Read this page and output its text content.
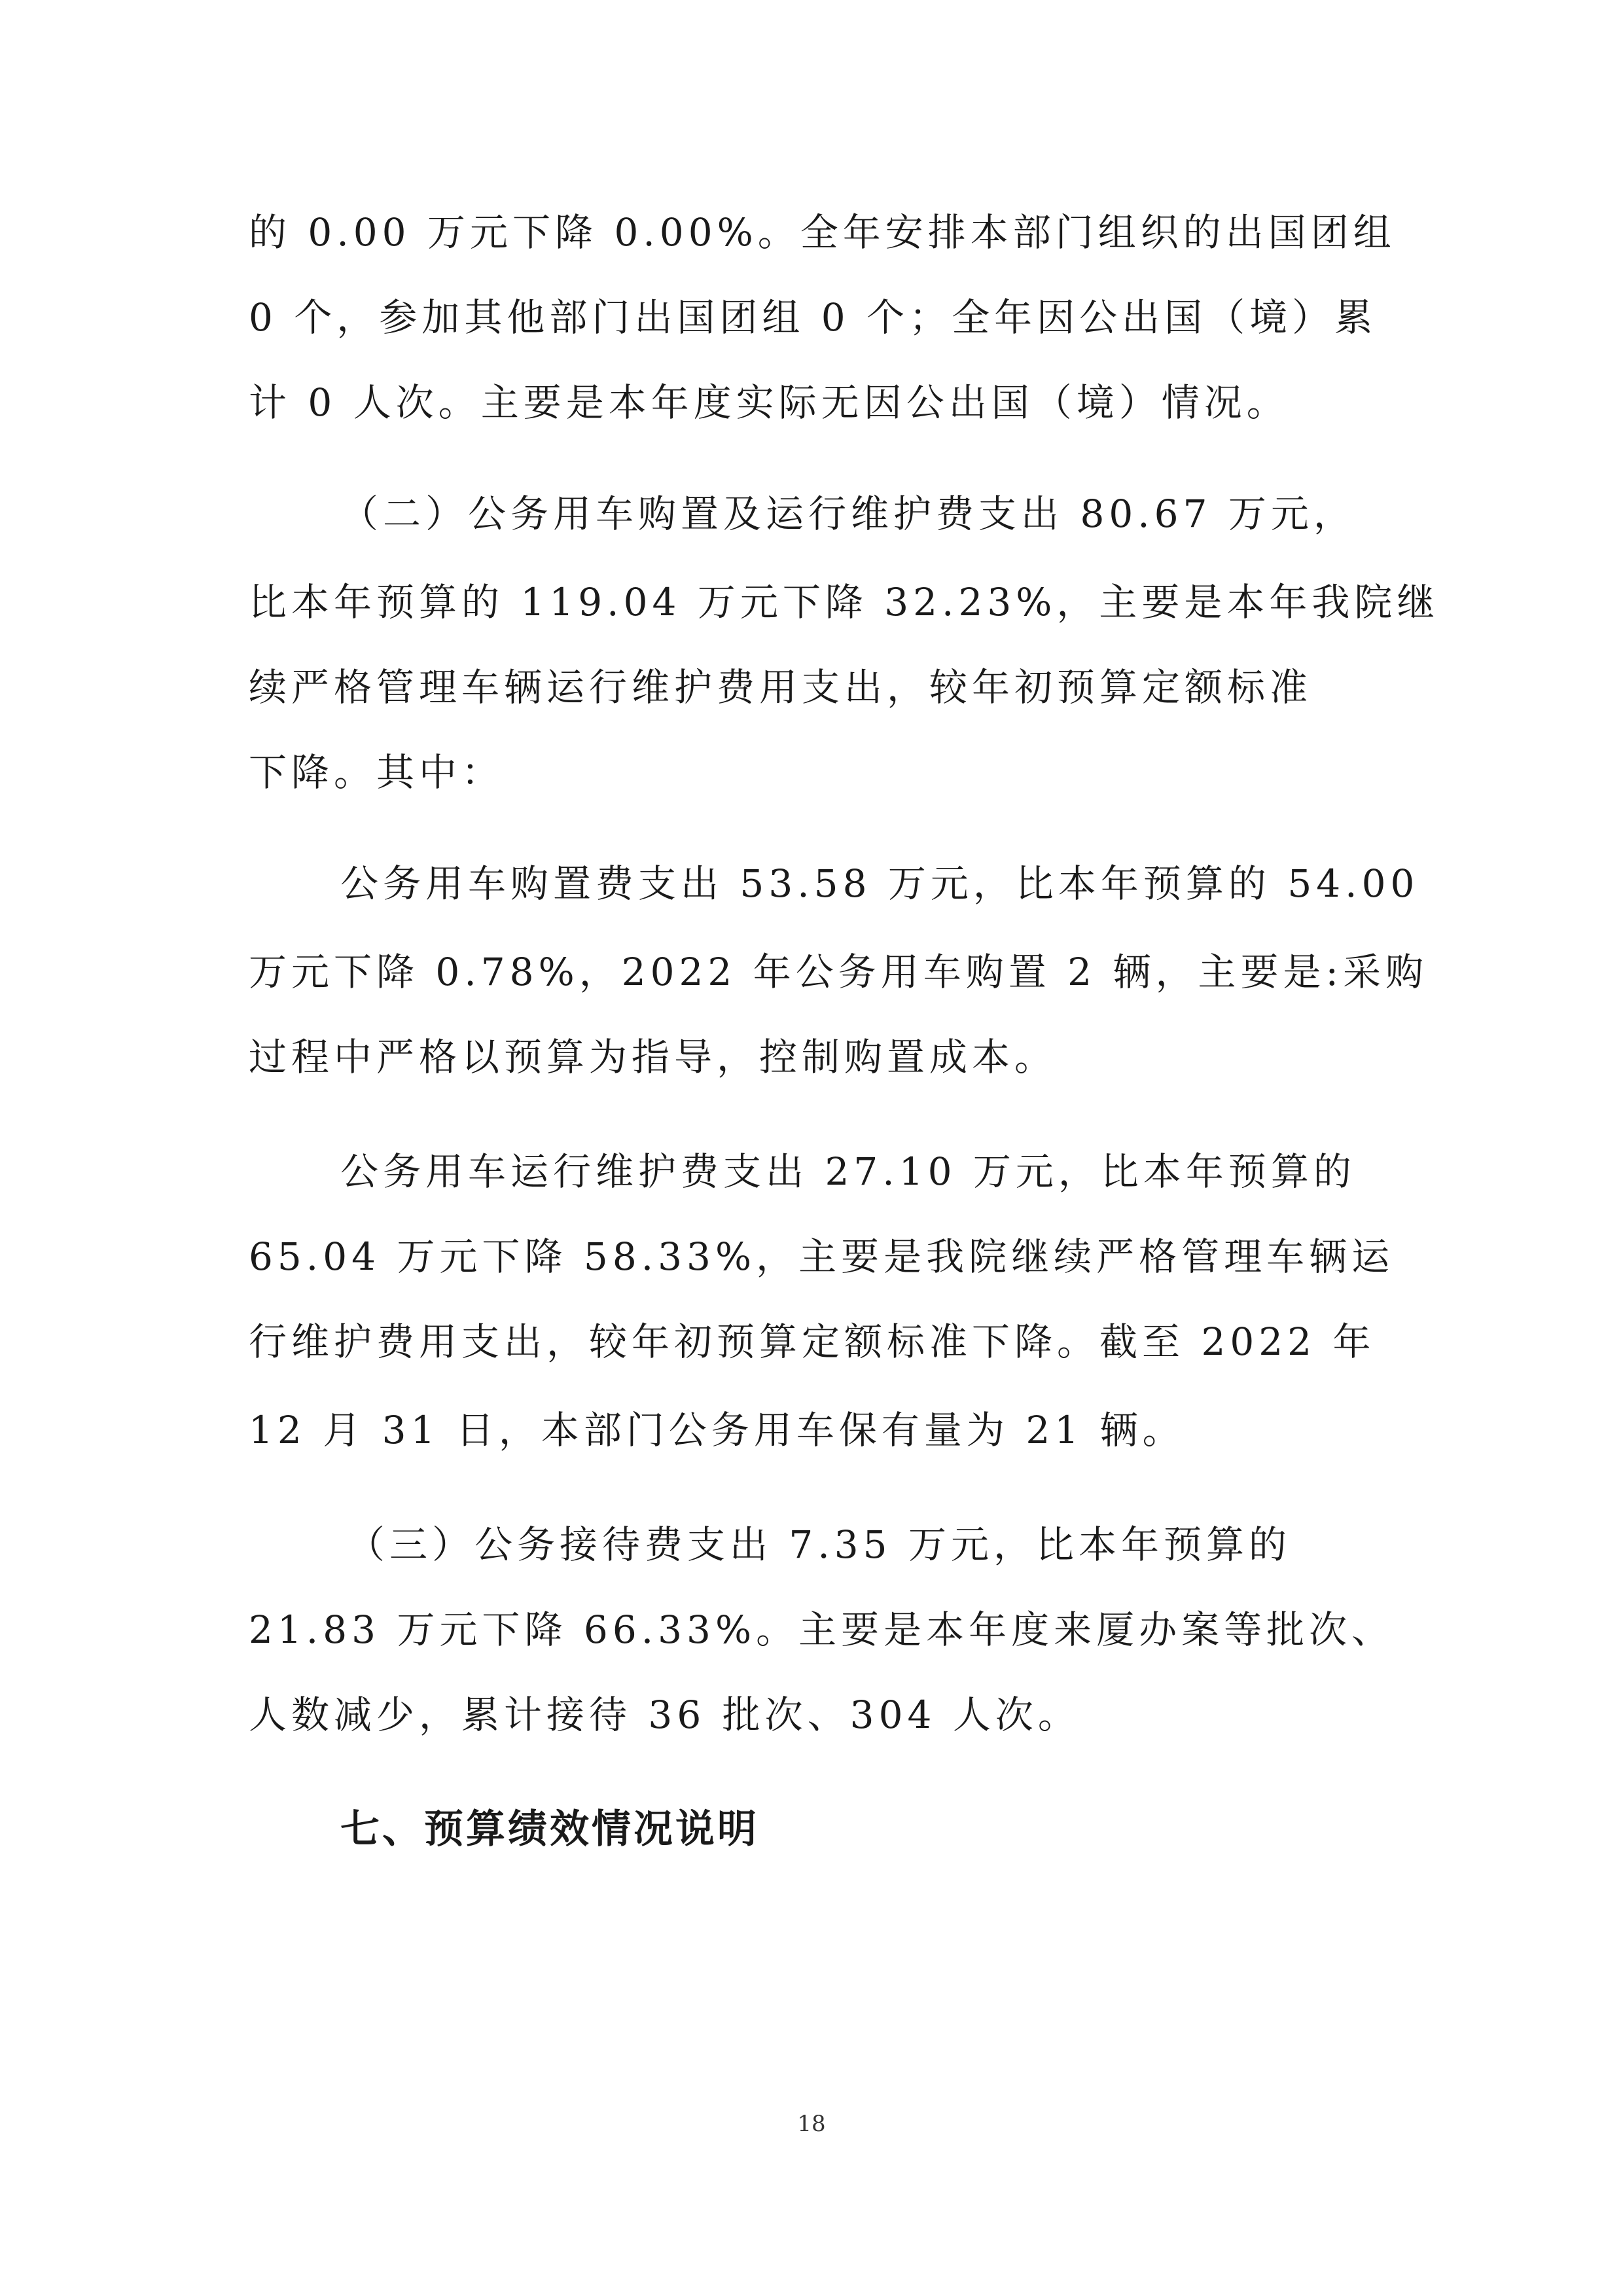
的 0.00 万元下降 0.00%。全年安排本部门组织的出国团组
0 个，参加其他部门出国团组 0 个；全年因公出国（境）累
计 0 人次。主要是本年度实际无因公出国（境）情况。
（二）公务用车购置及运行维护费支出 80.67 万元，
比本年预算的 119.04 万元下降 32.23%，主要是本年我院继
续严格管理车辆运行维护费用支出，较年初预算定额标准
下降。其中：
公务用车购置费支出 53.58 万元，比本年预算的 54.00
万元下降 0.78%，2022 年公务用车购置 2 辆，主要是:采购
过程中严格以预算为指导，控制购置成本。
公务用车运行维护费支出 27.10 万元，比本年预算的
65.04 万元下降 58.33%，主要是我院继续严格管理车辆运
行维护费用支出，较年初预算定额标准下降。截至 2022 年
12 月 31 日，本部门公务用车保有量为 21 辆。
（三）公务接待费支出 7.35 万元，比本年预算的
21.83 万元下降 66.33%。主要是本年度来厦办案等批次、
人数减少，累计接待 36 批次、304 人次。
七、预算绩效情况说明
18
